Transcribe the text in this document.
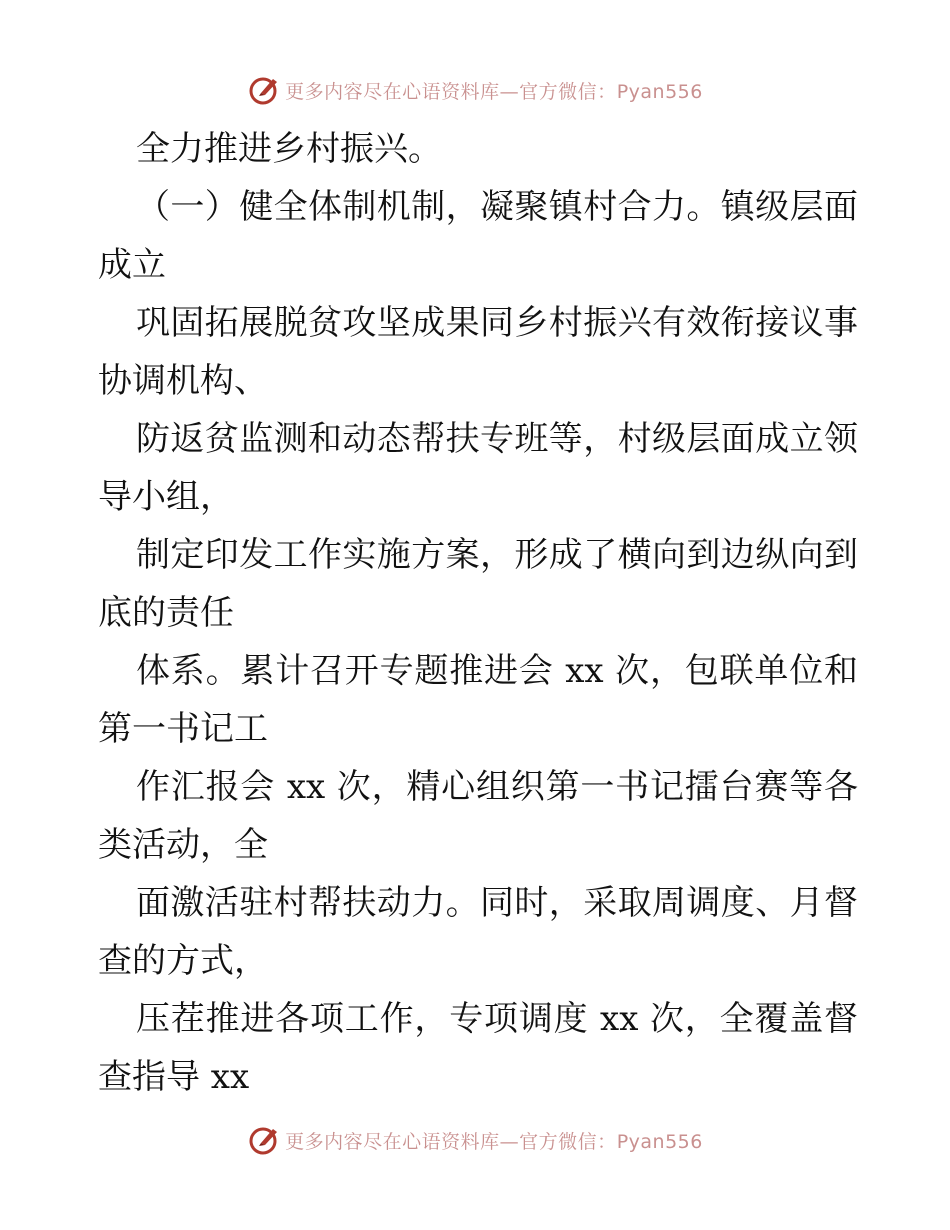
更多内容尽在心语资料库—官方微信：Pyan556

全力推进乡村振兴。

（一）健全体制机制，凝聚镇村合力。镇级层面成立

巩固拓展脱贫攻坚成果同乡村振兴有效衔接议事协调机构、

防返贫监测和动态帮扶专班等，村级层面成立领导小组，

制定印发工作实施方案，形成了横向到边纵向到底的责任

体系。累计召开专题推进会 xx 次，包联单位和第一书记工

作汇报会 xx 次，精心组织第一书记擂台赛等各类活动，全

面激活驻村帮扶动力。同时，采取周调度、月督查的方式，

压茬推进各项工作，专项调度 xx 次，全覆盖督查指导 xx

更多内容尽在心语资料库—官方微信：Pyan556
